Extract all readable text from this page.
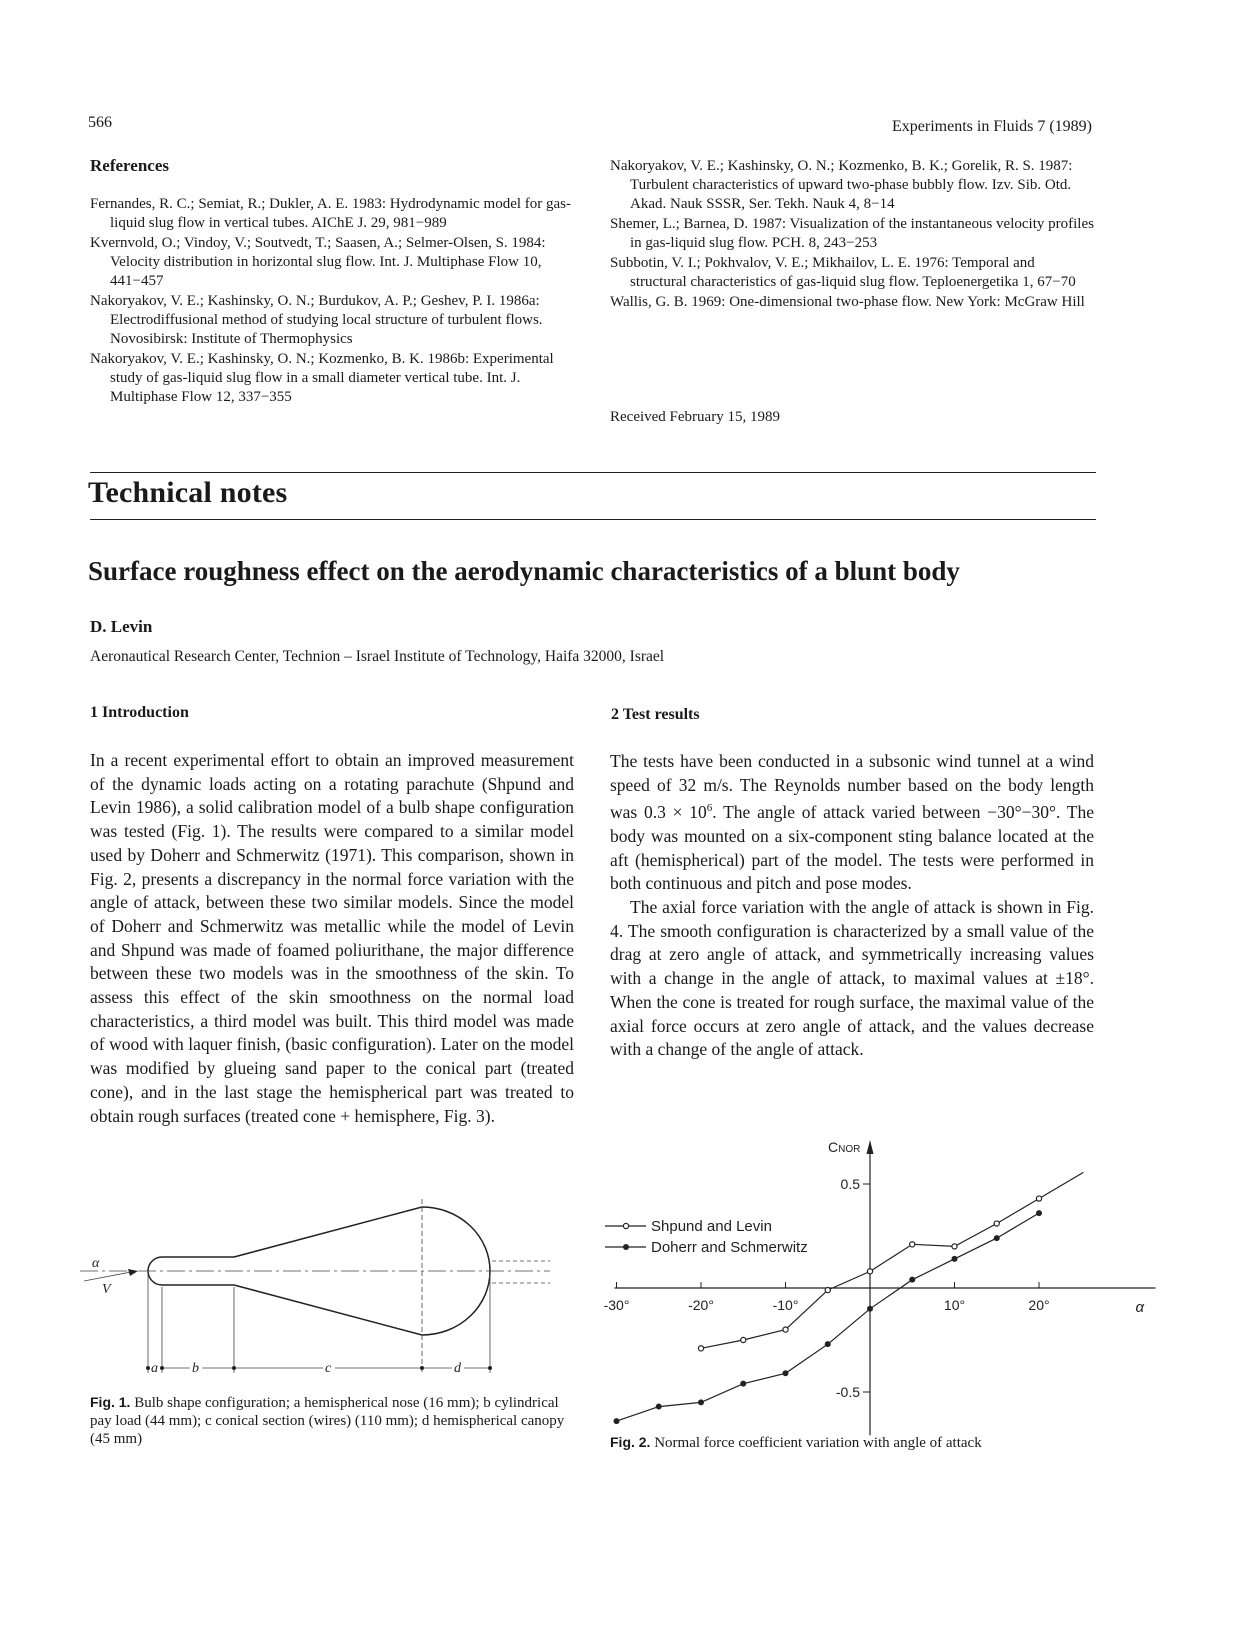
566	Experiments in Fluids 7 (1989)
References
Fernandes, R. C.; Semiat, R.; Dukler, A. E. 1983: Hydrodynamic model for gas-liquid slug flow in vertical tubes. AIChE J. 29, 981−989
Kvernvold, O.; Vindoy, V.; Soutvedt, T.; Saasen, A.; Selmer-Olsen, S. 1984: Velocity distribution in horizontal slug flow. Int. J. Multiphase Flow 10, 441−457
Nakoryakov, V. E.; Kashinsky, O. N.; Burdukov, A. P.; Geshev, P. I. 1986a: Electrodiffusional method of studying local structure of turbulent flows. Novosibirsk: Institute of Thermophysics
Nakoryakov, V. E.; Kashinsky, O. N.; Kozmenko, B. K. 1986b: Experimental study of gas-liquid slug flow in a small diameter vertical tube. Int. J. Multiphase Flow 12, 337−355
Nakoryakov, V. E.; Kashinsky, O. N.; Kozmenko, B. K.; Gorelik, R. S. 1987: Turbulent characteristics of upward two-phase bubbly flow. Izv. Sib. Otd. Akad. Nauk SSSR, Ser. Tekh. Nauk 4, 8−14
Shemer, L.; Barnea, D. 1987: Visualization of the instantaneous velocity profiles in gas-liquid slug flow. PCH. 8, 243−253
Subbotin, V. I.; Pokhvalov, V. E.; Mikhailov, L. E. 1976: Temporal and structural characteristics of gas-liquid slug flow. Teploenergetika 1, 67−70
Wallis, G. B. 1969: One-dimensional two-phase flow. New York: McGraw Hill
Received February 15, 1989
Technical notes
Surface roughness effect on the aerodynamic characteristics of a blunt body
D. Levin
Aeronautical Research Center, Technion – Israel Institute of Technology, Haifa 32000, Israel
1 Introduction

In a recent experimental effort to obtain an improved measurement of the dynamic loads acting on a rotating parachute (Shpund and Levin 1986), a solid calibration model of a bulb shape configuration was tested (Fig. 1). The results were compared to a similar model used by Doherr and Schmerwitz (1971). This comparison, shown in Fig. 2, presents a discrepancy in the normal force variation with the angle of attack, between these two similar models. Since the model of Doherr and Schmerwitz was metallic while the model of Levin and Shpund was made of foamed poliurithane, the major difference between these two models was in the smoothness of the skin. To assess this effect of the skin smoothness on the normal load characteristics, a third model was built. This third model was made of wood with laquer finish, (basic configuration). Later on the model was modified by glueing sand paper to the conical part (treated cone), and in the last stage the hemispherical part was treated to obtain rough surfaces (treated cone + hemisphere, Fig. 3).

2 Test results

The tests have been conducted in a subsonic wind tunnel at a wind speed of 32 m/s. The Reynolds number based on the body length was $0.3 \times 10^6$. The angle of attack varied between −30°−30°. The body was mounted on a six-component sting balance located at the aft (hemispherical) part of the model. The tests were performed in both continuous and pitch and pose modes.

The axial force variation with the angle of attack is shown in Fig. 4. The smooth configuration is characterized by a small value of the drag at zero angle of attack, and symmetrically increasing values with a change in the angle of attack, to maximal values at ±18°. When the cone is treated for rough surface, the maximal value of the axial force occurs at zero angle of attack, and the values decrease with a change of the angle of attack.

α
V
a b	c	d
Fig. 1. Bulb shape configuration; a hemispherical nose (16 mm); b cylindrical pay load (44 mm); c conical section (wires) (110 mm); d hemispherical canopy (45 mm)
CNOR
α
-30°	-20°	-10°	10°	20°
0.5
-0.5
Shpund and Levin
Doherr and Schmerwitz
Fig. 2. Normal force coefficient variation with angle of attack
